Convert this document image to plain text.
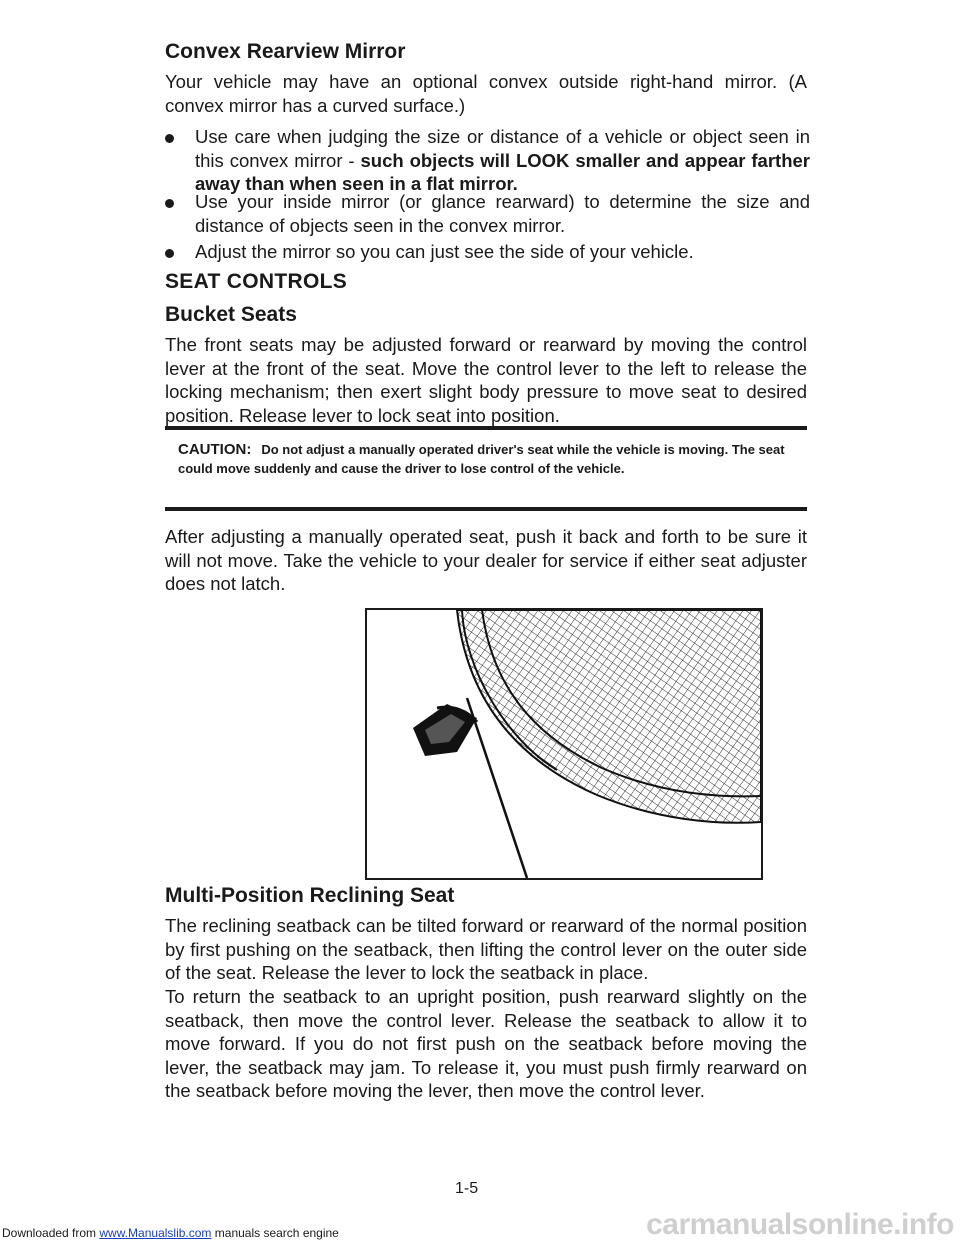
Convex Rearview Mirror

Your vehicle may have an optional convex outside right-hand mirror. (A convex mirror has a curved surface.)

Use care when judging the size or distance of a vehicle or object seen in this convex mirror - such objects will LOOK smaller and appear farther away than when seen in a flat mirror.
Use your inside mirror (or glance rearward) to determine the size and distance of objects seen in the convex mirror.
Adjust the mirror so you can just see the side of your vehicle.
SEAT CONTROLS
Bucket Seats

The front seats may be adjusted forward or rearward by moving the control lever at the front of the seat. Move the control lever to the left to release the locking mechanism; then exert slight body pressure to move seat to desired position. Release lever to lock seat into position.

CAUTION: Do not adjust a manually operated driver's seat while the vehicle is moving. The seat could move suddenly and cause the driver to lose control of the vehicle.

After adjusting a manually operated seat, push it back and forth to be sure it will not move. Take the vehicle to your dealer for service if either seat adjuster does not latch.

Multi-Position Reclining Seat

The reclining seatback can be tilted forward or rearward of the normal position by first pushing on the seatback, then lifting the control lever on the outer side of the seat. Release the lever to lock the seatback in place.

To return the seatback to an upright position, push rearward slightly on the seatback, then move the control lever. Release the seatback to allow it to move forward. If you do not first push on the seatback before moving the lever, the seatback may jam. To release it, you must push firmly rearward on the seatback before moving the lever, then move the control lever.

1-5
Downloaded from www.Manualslib.com manuals search engine	carmanualsonline.info
